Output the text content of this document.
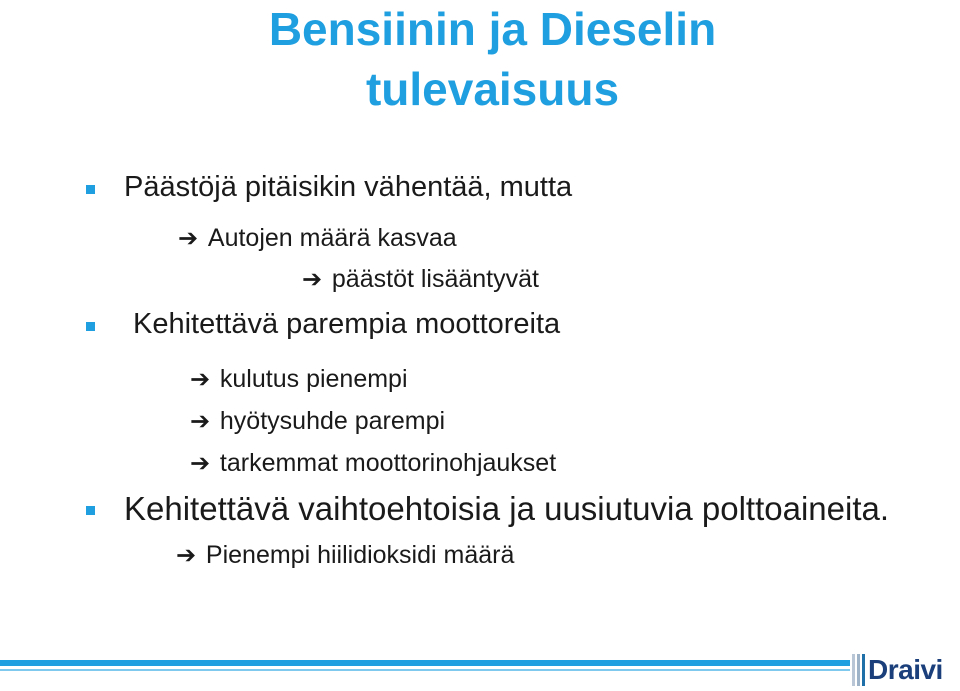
Bensiinin ja Dieselin
tulevaisuus
Päästöjä pitäisikin vähentää, mutta
➔ Autojen määrä kasvaa
➔ päästöt lisääntyvät
Kehitettävä parempia moottoreita
➔ kulutus pienempi
➔ hyötysuhde parempi
➔ tarkemmat moottorinohjaukset
Kehitettävä vaihtoehtoisia ja uusiutuvia polttoaineita.
➔ Pienempi hiilidioksidi määrä
Draivi
